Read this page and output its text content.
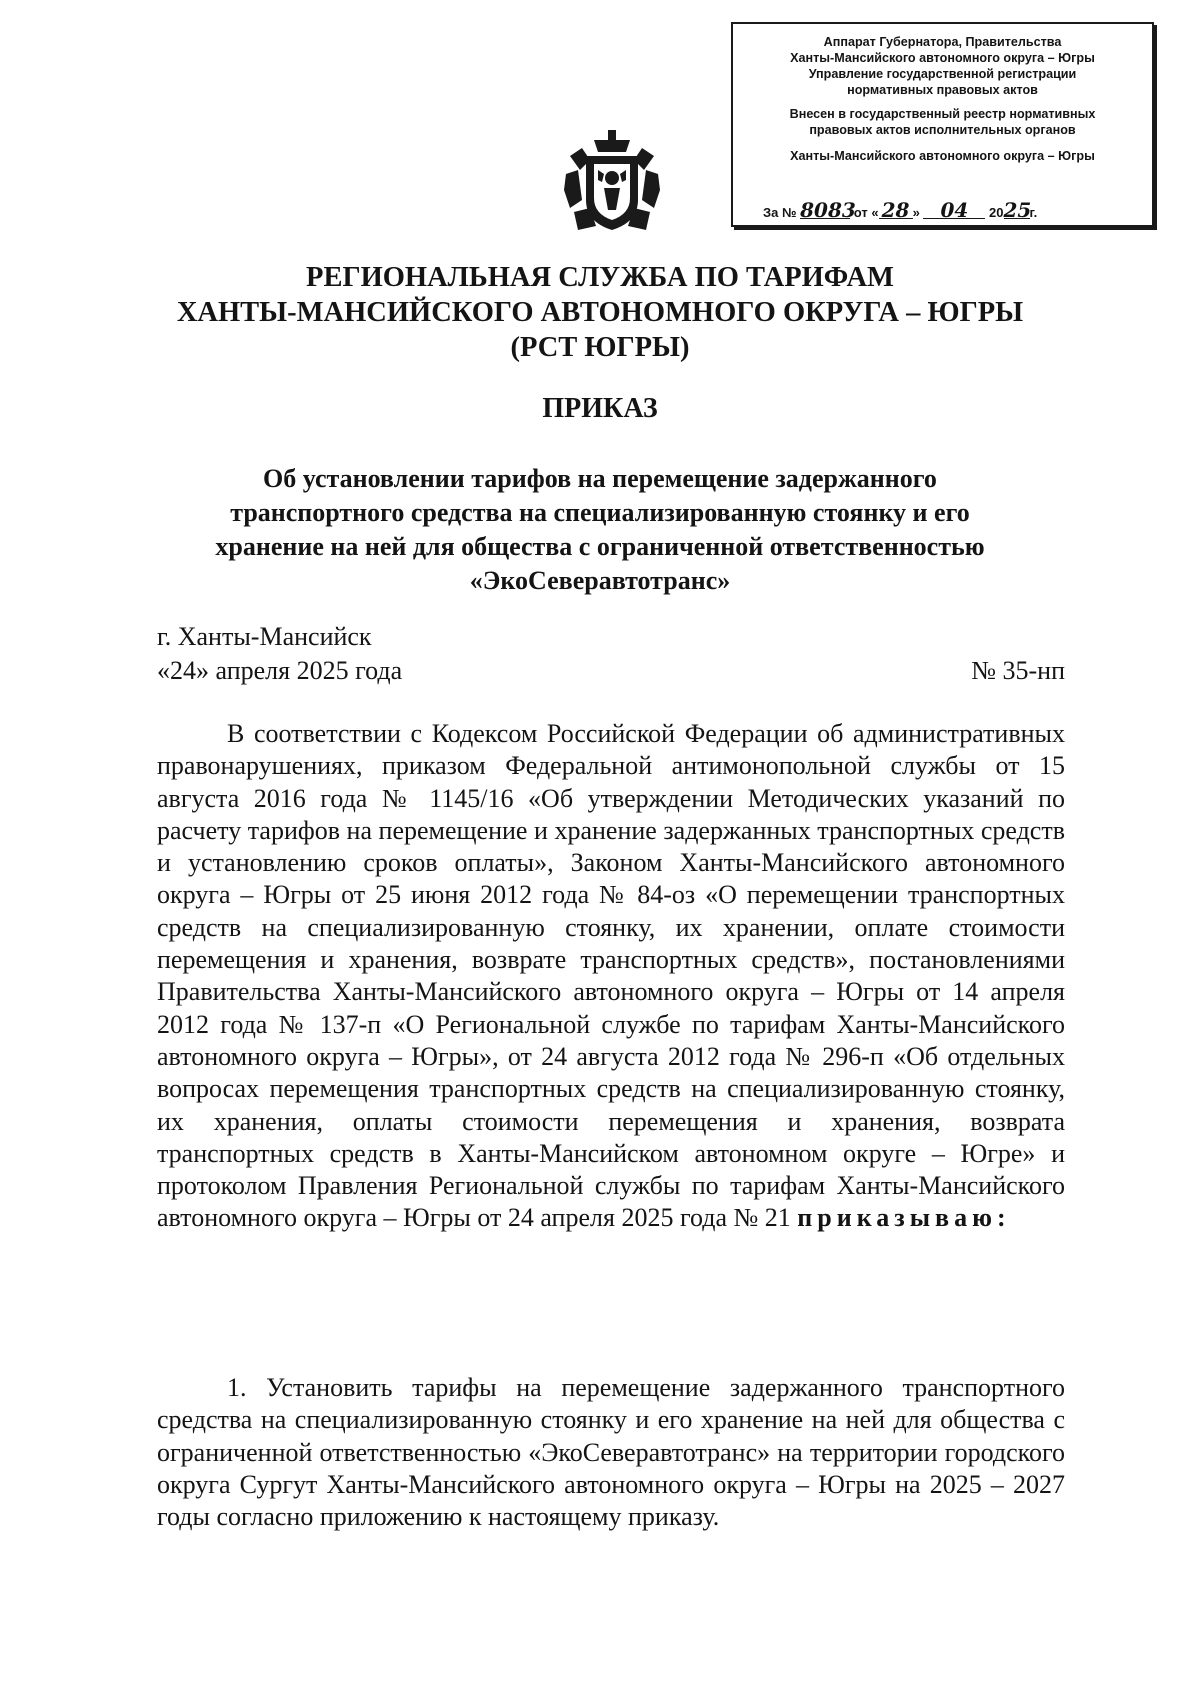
Аппарат Губернатора, Правительства

Ханты-Мансийского автономного округа – Югры

Управление государственной регистрации

нормативных правовых актов

Внесен в государственный реестр нормативных

правовых актов исполнительных органов

Ханты-Мансийского автономного округа – Югры

За № 8083 от « 28 » 04 2025г.
РЕГИОНАЛЬНАЯ СЛУЖБА ПО ТАРИФАМ
ХАНТЫ-МАНСИЙСКОГО АВТОНОМНОГО ОКРУГА – ЮГРЫ
(РСТ ЮГРЫ)
ПРИКАЗ
Об установлении тарифов на перемещение задержанного
транспортного средства на специализированную стоянку и его
хранение на ней для общества с ограниченной ответственностью
«ЭкоСеверавтотранс»

г. Ханты-Мансийск

«24» апреля 2025 года	№ 35-нп

В соответствии с Кодексом Российской Федерации об административных правонарушениях, приказом Федеральной антимонопольной службы от 15 августа 2016 года № 1145/16 «Об утверждении Методических указаний по расчету тарифов на перемещение и хранение задержанных транспортных средств и установлению сроков оплаты», Законом Ханты-Мансийского автономного округа – Югры от 25 июня 2012 года № 84-оз «О перемещении транспортных средств на специализированную стоянку, их хранении, оплате стоимости перемещения и хранения, возврате транспортных средств», постановлениями Правительства Ханты-Мансийского автономного округа – Югры от 14 апреля 2012 года № 137-п «О Региональной службе по тарифам Ханты-Мансийского автономного округа – Югры», от 24 августа 2012 года № 296-п «Об отдельных вопросах перемещения транспортных средств на специализированную стоянку, их хранения, оплаты стоимости перемещения и хранения, возврата транспортных средств в Ханты-Мансийском автономном округе – Югре» и протоколом Правления Региональной службы по тарифам Ханты-Мансийского автономного округа – Югры от 24 апреля 2025 года № 21 приказываю:

1. Установить тарифы на перемещение задержанного транспортного средства на специализированную стоянку и его хранение на ней для общества с ограниченной ответственностью «ЭкоСеверавтотранс» на территории городского округа Сургут Ханты-Мансийского автономного округа – Югры на 2025 – 2027 годы согласно приложению к настоящему приказу.
